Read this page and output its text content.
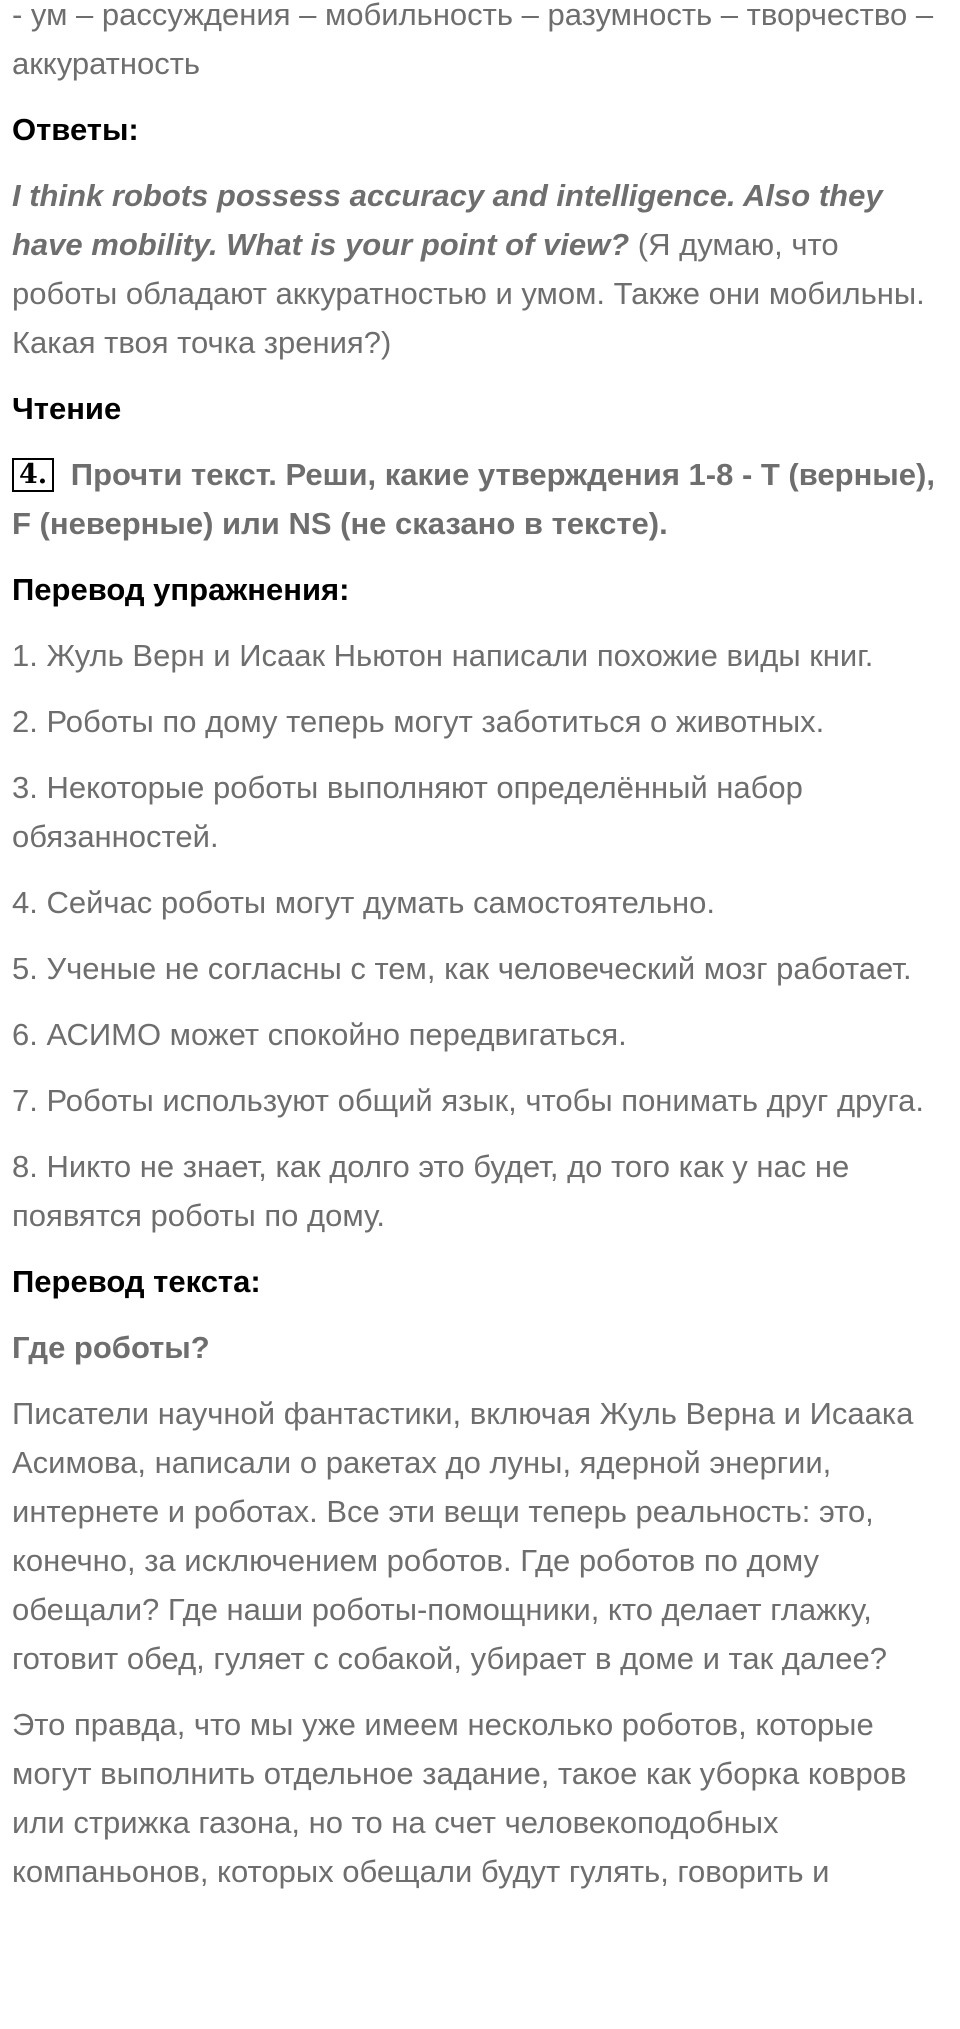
- ум – рассуждения – мобильность – разумность – творчество – аккуратность

Ответы:

I think robots possess accuracy and intelligence. Also they have mobility. What is your point of view? (Я думаю, что роботы обладают аккуратностью и умом. Также они мобильны. Какая твоя точка зрения?)

Чтение

4. Прочти текст. Реши, какие утверждения 1-8 - T (верные), F (неверные) или NS (не сказано в тексте).

Перевод упражнения:

1. Жуль Верн и Исаак Ньютон написали похожие виды книг.

2. Роботы по дому теперь могут заботиться о животных.

3. Некоторые роботы выполняют определённый набор обязанностей.

4. Сейчас роботы могут думать самостоятельно.

5. Ученые не согласны с тем, как человеческий мозг работает.

6. АСИМО может спокойно передвигаться.

7. Роботы используют общий язык, чтобы понимать друг друга.

8. Никто не знает, как долго это будет, до того как у нас не появятся роботы по дому.

Перевод текста:

Где роботы?

Писатели научной фантастики, включая Жуль Верна и Исаака Асимова, написали о ракетах до луны, ядерной энергии, интернете и роботах. Все эти вещи теперь реальность: это, конечно, за исключением роботов. Где роботов по дому обещали? Где наши роботы-помощники, кто делает глажку, готовит обед, гуляет с собакой, убирает в доме и так далее?

Это правда, что мы уже имеем несколько роботов, которые могут выполнить отдельное задание, такое как уборка ковров или стрижка газона, но то на счет человекоподобных компаньонов, которых обещали будут гулять, говорить и
